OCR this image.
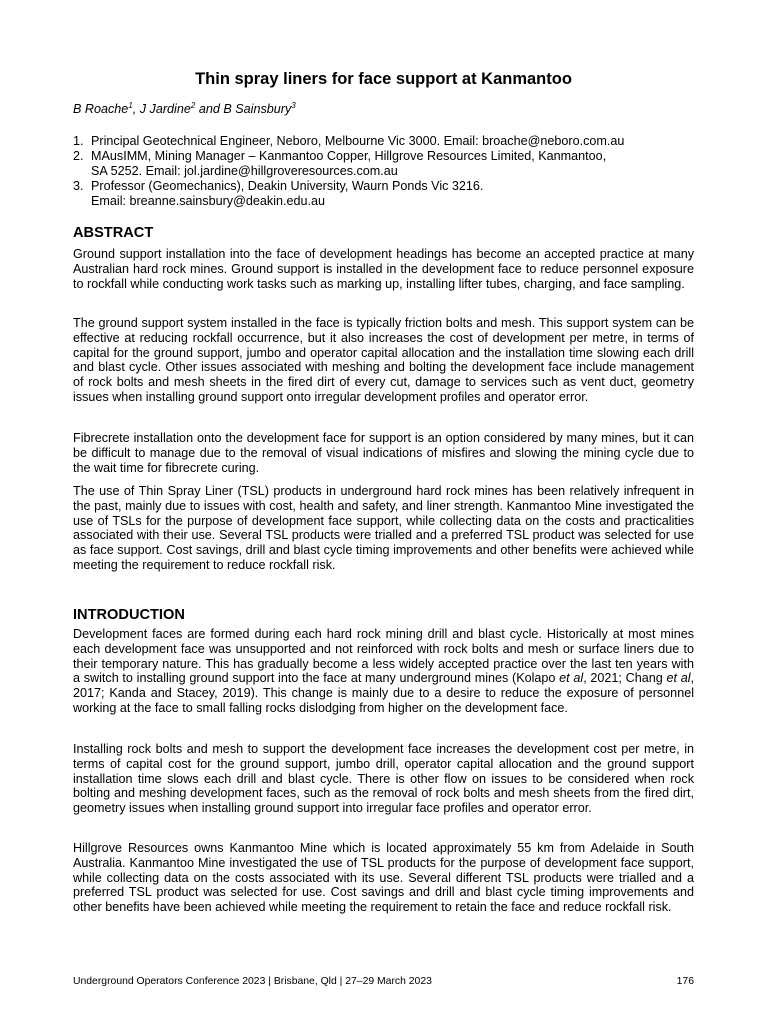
Thin spray liners for face support at Kanmantoo
B Roache$^1$, J Jardine$^2$ and B Sainsbury$^3$
1. Principal Geotechnical Engineer, Neboro, Melbourne Vic 3000. Email: broache@neboro.com.au
2. MAusIMM, Mining Manager – Kanmantoo Copper, Hillgrove Resources Limited, Kanmantoo,
SA 5252. Email: jol.jardine@hillgroveresources.com.au
3. Professor (Geomechanics), Deakin University, Waurn Ponds Vic 3216.
Email: breanne.sainsbury@deakin.edu.au
ABSTRACT

Ground support installation into the face of development headings has become an accepted practice at many Australian hard rock mines. Ground support is installed in the development face to reduce personnel exposure to rockfall while conducting work tasks such as marking up, installing lifter tubes, charging, and face sampling.

The ground support system installed in the face is typically friction bolts and mesh. This support system can be effective at reducing rockfall occurrence, but it also increases the cost of development per metre, in terms of capital for the ground support, jumbo and operator capital allocation and the installation time slowing each drill and blast cycle. Other issues associated with meshing and bolting the development face include management of rock bolts and mesh sheets in the fired dirt of every cut, damage to services such as vent duct, geometry issues when installing ground support onto irregular development profiles and operator error.

Fibrecrete installation onto the development face for support is an option considered by many mines, but it can be difficult to manage due to the removal of visual indications of misfires and slowing the mining cycle due to the wait time for fibrecrete curing.

The use of Thin Spray Liner (TSL) products in underground hard rock mines has been relatively infrequent in the past, mainly due to issues with cost, health and safety, and liner strength. Kanmantoo Mine investigated the use of TSLs for the purpose of development face support, while collecting data on the costs and practicalities associated with their use. Several TSL products were trialled and a preferred TSL product was selected for use as face support. Cost savings, drill and blast cycle timing improvements and other benefits were achieved while meeting the requirement to reduce rockfall risk.

INTRODUCTION

Development faces are formed during each hard rock mining drill and blast cycle. Historically at most mines each development face was unsupported and not reinforced with rock bolts and mesh or surface liners due to their temporary nature. This has gradually become a less widely accepted practice over the last ten years with a switch to installing ground support into the face at many underground mines (Kolapo et al, 2021; Chang et al, 2017; Kanda and Stacey, 2019). This change is mainly due to a desire to reduce the exposure of personnel working at the face to small falling rocks dislodging from higher on the development face.

Installing rock bolts and mesh to support the development face increases the development cost per metre, in terms of capital cost for the ground support, jumbo drill, operator capital allocation and the ground support installation time slows each drill and blast cycle. There is other flow on issues to be considered when rock bolting and meshing development faces, such as the removal of rock bolts and mesh sheets from the fired dirt, geometry issues when installing ground support into irregular face profiles and operator error.

Hillgrove Resources owns Kanmantoo Mine which is located approximately 55 km from Adelaide in South Australia. Kanmantoo Mine investigated the use of TSL products for the purpose of development face support, while collecting data on the costs associated with its use. Several different TSL products were trialled and a preferred TSL product was selected for use. Cost savings and drill and blast cycle timing improvements and other benefits have been achieved while meeting the requirement to retain the face and reduce rockfall risk.

Underground Operators Conference 2023 | Brisbane, Qld | 27–29 March 2023	176
